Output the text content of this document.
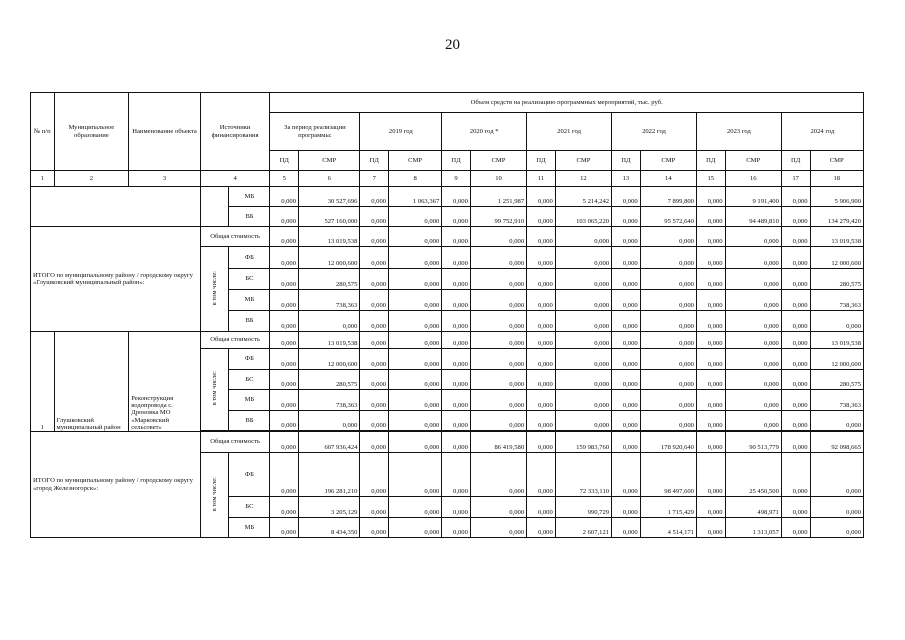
20
№ п/п	Муниципальное образование	Наименование объекта	Источники финансирования		Объем средств на реализацию программных мероприятий, тыс. руб.													
					За период реализации программы:		2019 год		2020 год *		2021 год		2022 год		2023 год		2024 год	
					ПД	СМР	ПД	СМР	ПД	СМР	ПД	СМР	ПД	СМР	ПД	СМР	ПД	СМР
1	2	3	4		5	6	7	8	9	10	11	12	13	14	15	16	17	18
				МБ	0,000	30 527,696	0,000	1 063,367	0,000	1 251,987	0,000	5 214,242	0,000	7 899,800	0,000	9 191,400	0,000	5 906,900
				ВБ	0,000	527 160,000	0,000	0,000	0,000	99 752,910	0,000	103 065,220	0,000	95 572,640	0,000	94 489,810	0,000	134 279,420
ИТОГО по муниципальному району / городскому округу «Глушковский муниципальный район»:			Общая стоимость		0,000	13 019,538	0,000	0,000	0,000	0,000	0,000	0,000	0,000	0,000	0,000	0,000	0,000	13 019,538
			в том числе:	ФБ	0,000	12 000,600	0,000	0,000	0,000	0,000	0,000	0,000	0,000	0,000	0,000	0,000	0,000	12 000,600
				БС	0,000	280,575	0,000	0,000	0,000	0,000	0,000	0,000	0,000	0,000	0,000	0,000	0,000	280,575
				МБ	0,000	738,363	0,000	0,000	0,000	0,000	0,000	0,000	0,000	0,000	0,000	0,000	0,000	738,363
				ВБ	0,000	0,000	0,000	0,000	0,000	0,000	0,000	0,000	0,000	0,000	0,000	0,000	0,000	0,000
1	Глушковский муниципальный район	Реконструкция водопровода с. Дроновка МО «Марковский сельсовет»	Общая стоимость		0,000	13 019,538	0,000	0,000	0,000	0,000	0,000	0,000	0,000	0,000	0,000	0,000	0,000	13 019,538
			в том числе:	ФБ	0,000	12 000,600	0,000	0,000	0,000	0,000	0,000	0,000	0,000	0,000	0,000	0,000	0,000	12 000,600
				БС	0,000	280,575	0,000	0,000	0,000	0,000	0,000	0,000	0,000	0,000	0,000	0,000	0,000	280,575
				МБ	0,000	738,363	0,000	0,000	0,000	0,000	0,000	0,000	0,000	0,000	0,000	0,000	0,000	738,363
				ВБ	0,000	0,000	0,000	0,000	0,000	0,000	0,000	0,000	0,000	0,000	0,000	0,000	0,000	0,000

ИТОГО по муниципальному району / городскому округу «город Железногорск»:			Общая стоимость		0,000	607 936,424	0,000	0,000	0,000	86 419,580	0,000	159 983,760	0,000	178 920,640	0,000	90 513,779	0,000	92 098,665
			в том числе:	ФБ	0,000	196 281,210	0,000	0,000	0,000	0,000	0,000	72 333,110	0,000	98 497,600	0,000	25 450,500	0,000	0,000
				БС	0,000	3 205,129	0,000	0,000	0,000	0,000	0,000	990,729	0,000	1 715,429	0,000	498,971	0,000	0,000
				МБ	0,000	8 434,350	0,000	0,000	0,000	0,000	0,000	2 607,121	0,000	4 514,171	0,000	1 313,057	0,000	0,000
